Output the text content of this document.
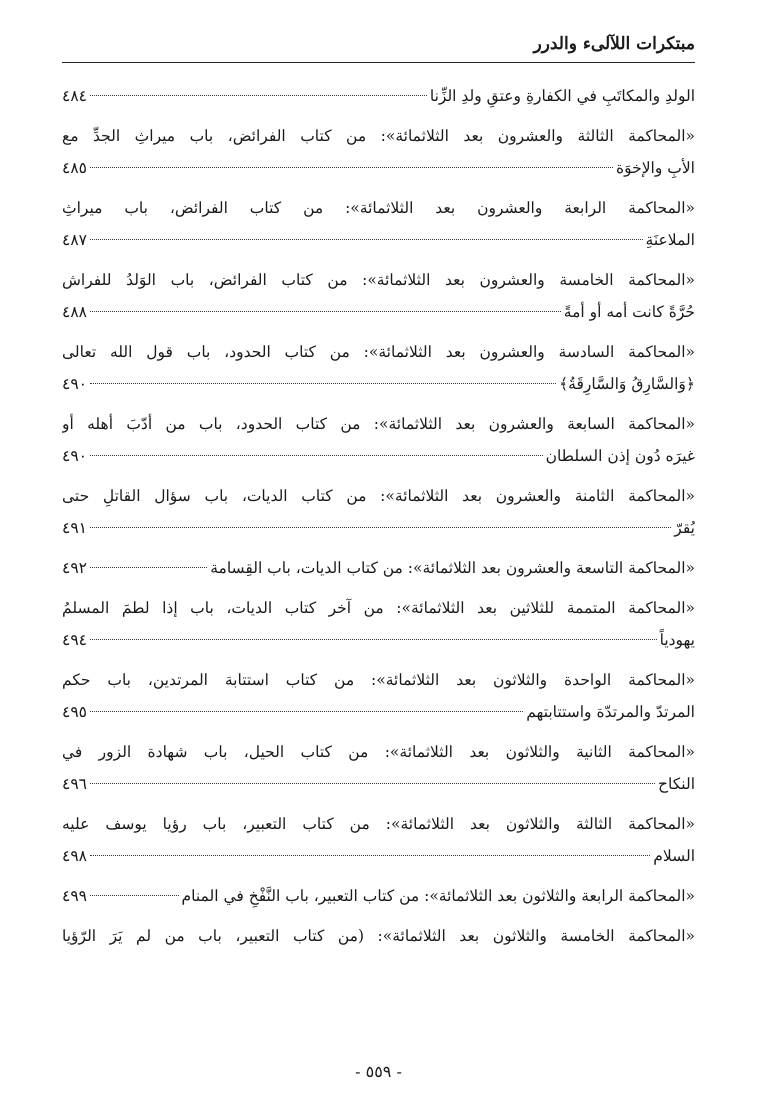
مبتكرات اللآلىء والدرر
الولدِ والمكاتَبِ في الكفارةِ وعتقِ ولدِ الزِّنا
٤٨٤
«المحاكمة الثالثة والعشرون بعد الثلاثمائة»: من كتاب الفرائض، باب ميراثِ الجدِّ مع
الأبِ والإخوَة
٤٨٥
«المحاكمة الرابعة والعشرون بعد الثلاثمائة»: من كتاب الفرائض، باب ميراثِ
الملاعنَةِ
٤٨٧
«المحاكمة الخامسة والعشرون بعد الثلاثمائة»: من كتاب الفرائض، باب الوَلدُ للفراش
حُرَّةً كانت أمه أو أمةً
٤٨٨
«المحاكمة السادسة والعشرون بعد الثلاثمائة»: من كتاب الحدود، باب قول الله تعالى
﴿وَالسَّارِقُ وَالسَّارِقَةُ﴾
٤٩٠
«المحاكمة السابعة والعشرون بعد الثلاثمائة»: من كتاب الحدود، باب من أدّبَ أهله أو
غيرَه دُون إذن السلطان
٤٩٠
«المحاكمة الثامنة والعشرون بعد الثلاثمائة»: من كتاب الديات، باب سؤال القاتلِ حتى
يُقرّ
٤٩١
«المحاكمة التاسعة والعشرون بعد الثلاثمائة»: من كتاب الديات، باب القِسامة
٤٩٢
«المحاكمة المتممة للثلاثين بعد الثلاثمائة»: من آخر كتاب الديات، باب إذا لطمَ المسلمُ
يهودياً
٤٩٤
«المحاكمة الواحدة والثلاثون بعد الثلاثمائة»: من كتاب استتابة المرتدين، باب حكم
المرتدّ والمرتدّة واستتابتهم
٤٩٥
«المحاكمة الثانية والثلاثون بعد الثلاثمائة»: من كتاب الحيل، باب شهادة الزور في
النكاح
٤٩٦
«المحاكمة الثالثة والثلاثون بعد الثلاثمائة»: من كتاب التعبير، باب رؤيا يوسف عليه
السلام
٤٩٨
«المحاكمة الرابعة والثلاثون بعد الثلاثمائة»: من كتاب التعبير، باب النَّفْخِ في المنام
٤٩٩
«المحاكمة الخامسة والثلاثون بعد الثلاثمائة»: (من كتاب التعبير، باب من لم يَرَ الرّؤيا
- ٥٥٩ -
